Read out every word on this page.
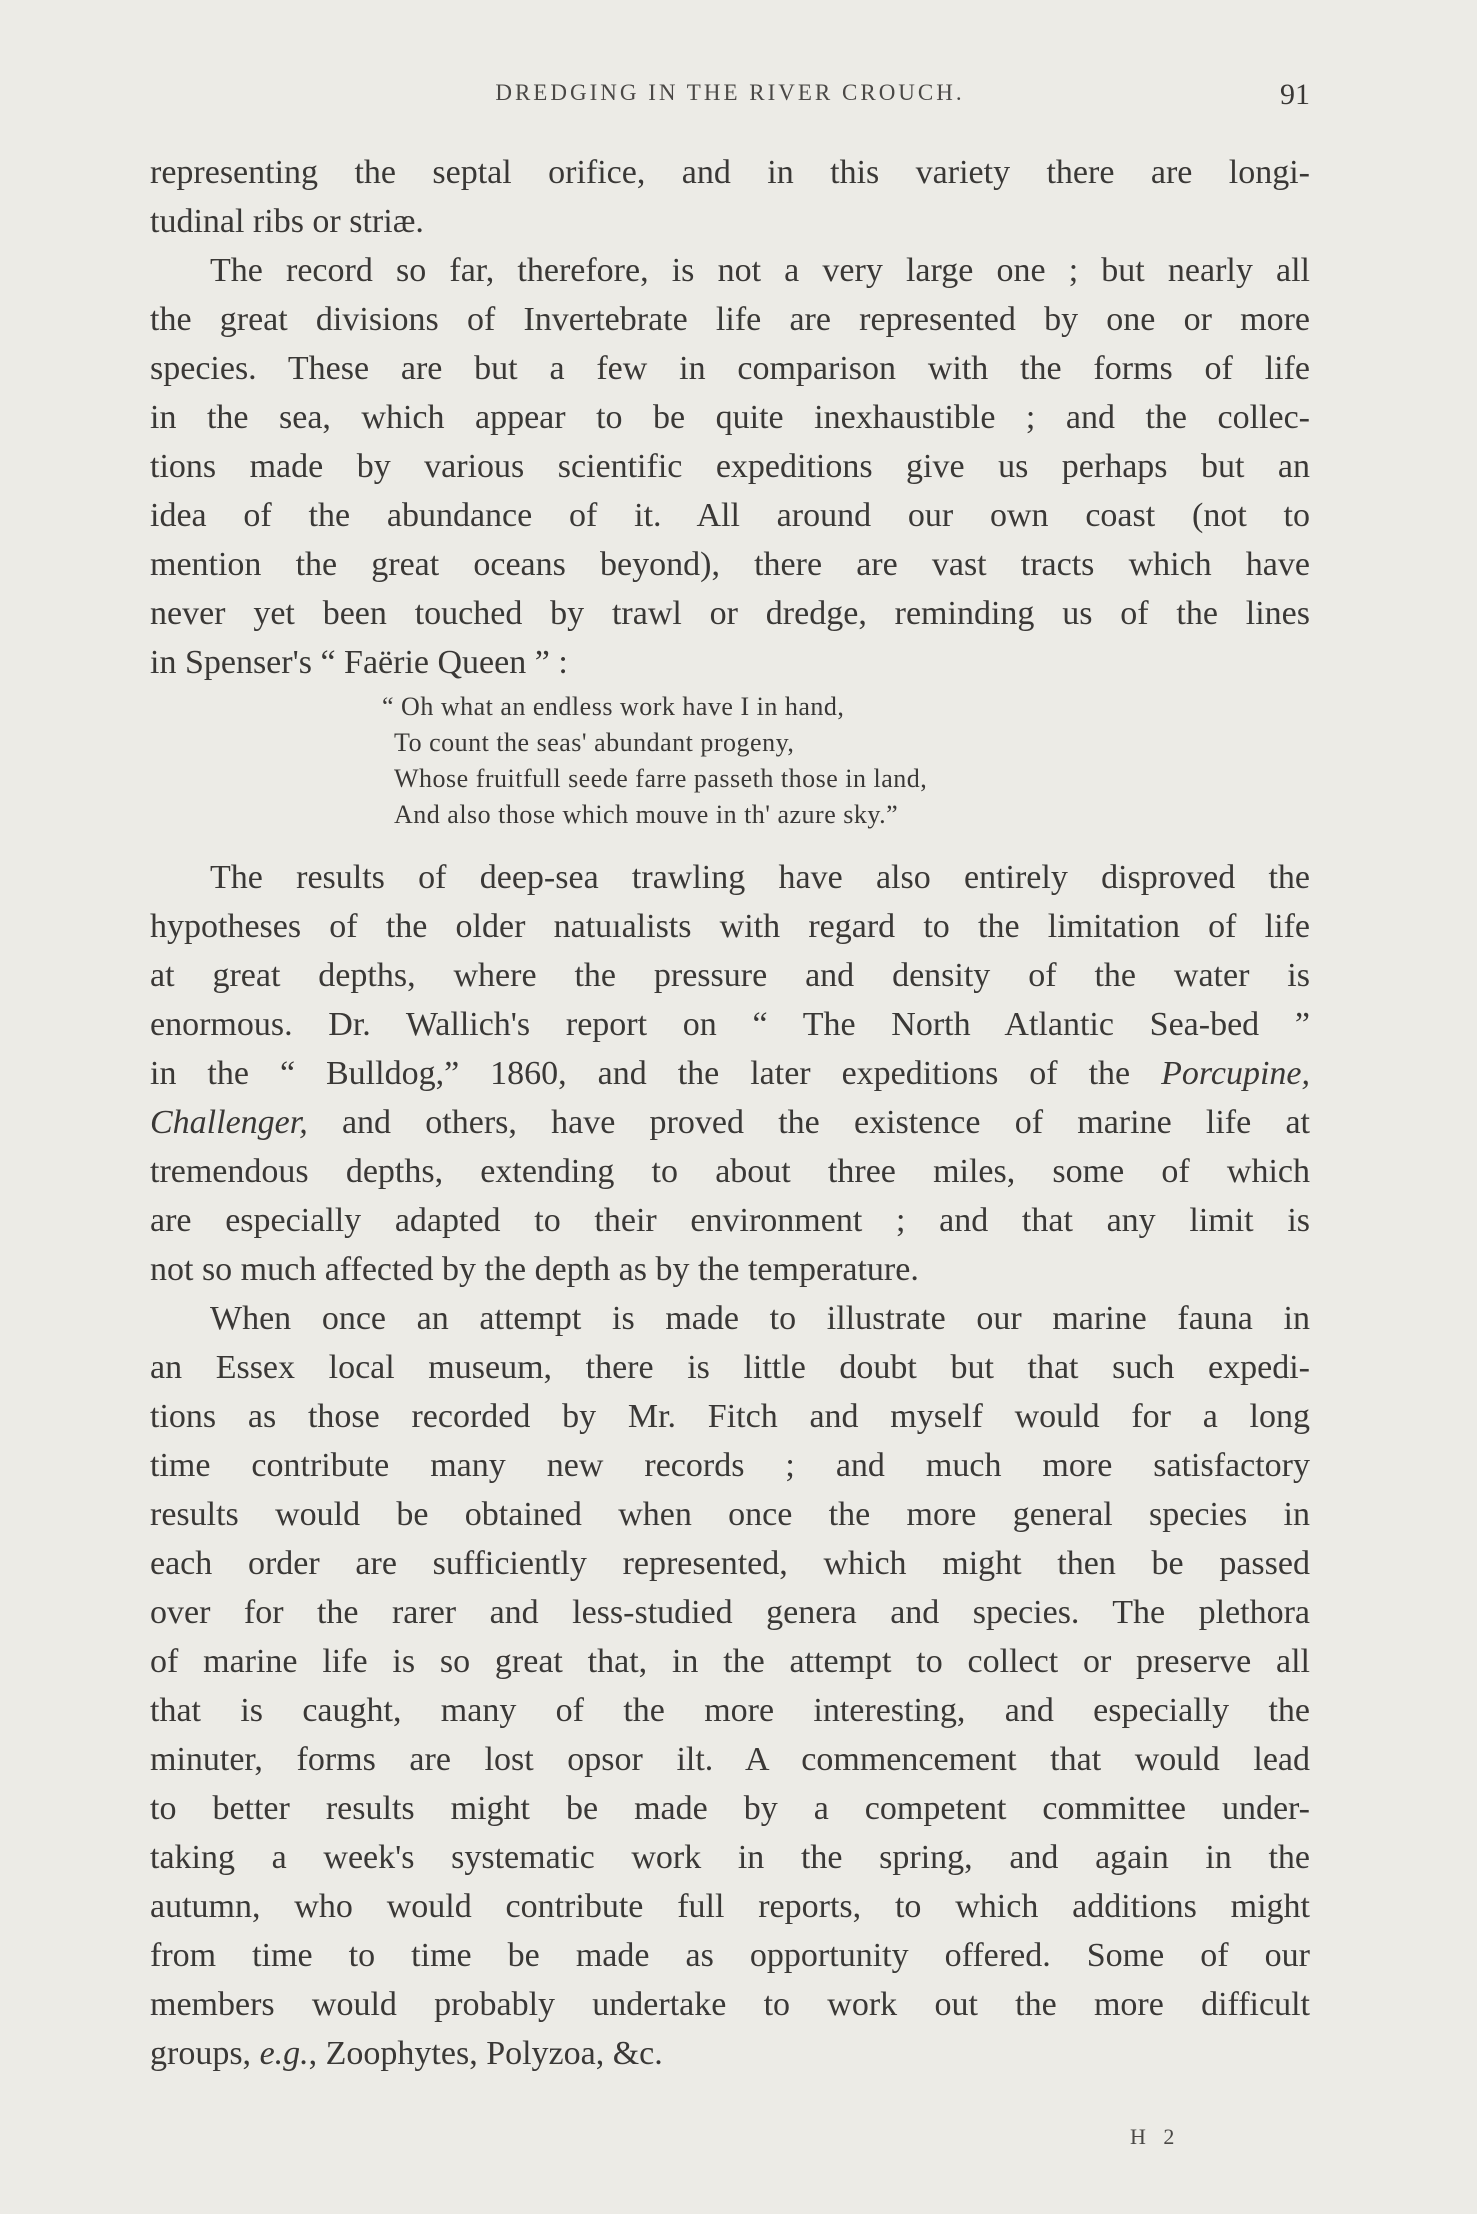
DREDGING IN THE RIVER CROUCH.	91
representing the septal orifice, and in this variety there are longi-
tudinal ribs or striæ.
The record so far, therefore, is not a very large one ; but nearly all
the great divisions of Invertebrate life are represented by one or more
species. These are but a few in comparison with the forms of life
in the sea, which appear to be quite inexhaustible ; and the collec-
tions made by various scientific expeditions give us perhaps but an
idea of the abundance of it. All around our own coast (not to
mention the great oceans beyond), there are vast tracts which have
never yet been touched by trawl or dredge, reminding us of the lines
in Spenser's “ Faërie Queen ” :
“ Oh what an endless work have I in hand,
To count the seas' abundant progeny,
Whose fruitfull seede farre passeth those in land,
And also those which mouve in th' azure sky.”
The results of deep-sea trawling have also entirely disproved the
hypotheses of the older natuıalists with regard to the limitation of life
at great depths, where the pressure and density of the water is
enormous. Dr. Wallich's report on “ The North Atlantic Sea-bed ”
in the “ Bulldog,” 1860, and the later expeditions of the Porcupine,
Challenger, and others, have proved the existence of marine life at
tremendous depths, extending to about three miles, some of which
are especially adapted to their environment ; and that any limit is
not so much affected by the depth as by the temperature.
When once an attempt is made to illustrate our marine fauna in
an Essex local museum, there is little doubt but that such expedi-
tions as those recorded by Mr. Fitch and myself would for a long
time contribute many new records ; and much more satisfactory
results would be obtained when once the more general species in
each order are sufficiently represented, which might then be passed
over for the rarer and less-studied genera and species. The plethora
of marine life is so great that, in the attempt to collect or preserve all
that is caught, many of the more interesting, and especially the
minuter, forms are lost opsor ilt. A commencement that would lead
to better results might be made by a competent committee under-
taking a week's systematic work in the spring, and again in the
autumn, who would contribute full reports, to which additions might
from time to time be made as opportunity offered. Some of our
members would probably undertake to work out the more difficult
groups, e.g., Zoophytes, Polyzoa, &c.
H 2
